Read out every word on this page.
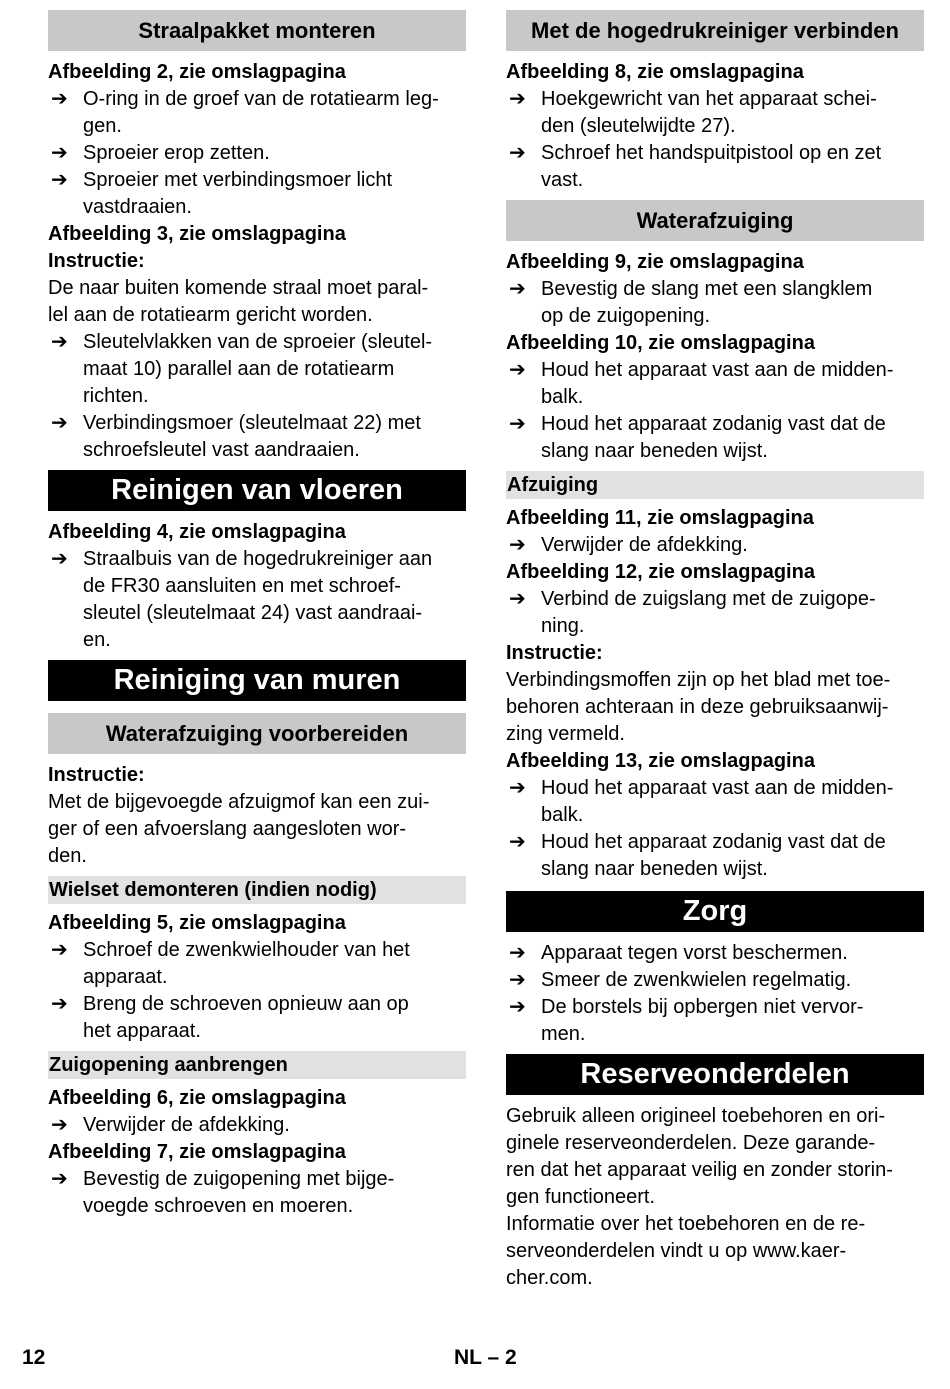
Straalpakket monteren
Afbeelding 2, zie omslagpagina
➔ O-ring in de groef van de rotatiearm leg-
gen.
➔ Sproeier erop zetten.
➔ Sproeier met verbindingsmoer licht
vastdraaien.
Afbeelding 3, zie omslagpagina
Instructie:
De naar buiten komende straal moet paral-
lel aan de rotatiearm gericht worden.
➔ Sleutelvlakken van de sproeier (sleutel-
maat 10) parallel aan de rotatiearm
richten.
➔ Verbindingsmoer (sleutelmaat 22) met
schroefsleutel vast aandraaien.
Reinigen van vloeren
Afbeelding 4, zie omslagpagina
➔ Straalbuis van de hogedrukreiniger aan
de FR30 aansluiten en met schroef-
sleutel (sleutelmaat 24) vast aandraai-
en.
Reiniging van muren
Waterafzuiging voorbereiden
Instructie:
Met de bijgevoegde afzuigmof kan een zui-
ger of een afvoerslang aangesloten wor-
den.
Wielset demonteren (indien nodig)
Afbeelding 5, zie omslagpagina
➔ Schroef de zwenkwielhouder van het
apparaat.
➔ Breng de schroeven opnieuw aan op
het apparaat.
Zuigopening aanbrengen
Afbeelding 6, zie omslagpagina
➔ Verwijder de afdekking.
Afbeelding 7, zie omslagpagina
➔ Bevestig de zuigopening met bijge-
voegde schroeven en moeren.
Met de hogedrukreiniger verbinden
Afbeelding 8, zie omslagpagina
➔ Hoekgewricht van het apparaat schei-
den (sleutelwijdte 27).
➔ Schroef het handspuitpistool op en zet
vast.
Waterafzuiging
Afbeelding 9, zie omslagpagina
➔ Bevestig de slang met een slangklem
op de zuigopening.
Afbeelding 10, zie omslagpagina
➔ Houd het apparaat vast aan de midden-
balk.
➔ Houd het apparaat zodanig vast dat de
slang naar beneden wijst.
Afzuiging
Afbeelding 11, zie omslagpagina
➔ Verwijder de afdekking.
Afbeelding 12, zie omslagpagina
➔ Verbind de zuigslang met de zuigope-
ning.
Instructie:
Verbindingsmoffen zijn op het blad met toe-
behoren achteraan in deze gebruiksaanwij-
zing vermeld.
Afbeelding 13, zie omslagpagina
➔ Houd het apparaat vast aan de midden-
balk.
➔ Houd het apparaat zodanig vast dat de
slang naar beneden wijst.
Zorg
➔ Apparaat tegen vorst beschermen.
➔ Smeer de zwenkwielen regelmatig.
➔ De borstels bij opbergen niet vervor-
men.
Reserveonderdelen
Gebruik alleen origineel toebehoren en ori-
ginele reserveonderdelen. Deze garande-
ren dat het apparaat veilig en zonder storin-
gen functioneert.
Informatie over het toebehoren en de re-
serveonderdelen vindt u op www.kaer-
cher.com.
12	NL – 2
